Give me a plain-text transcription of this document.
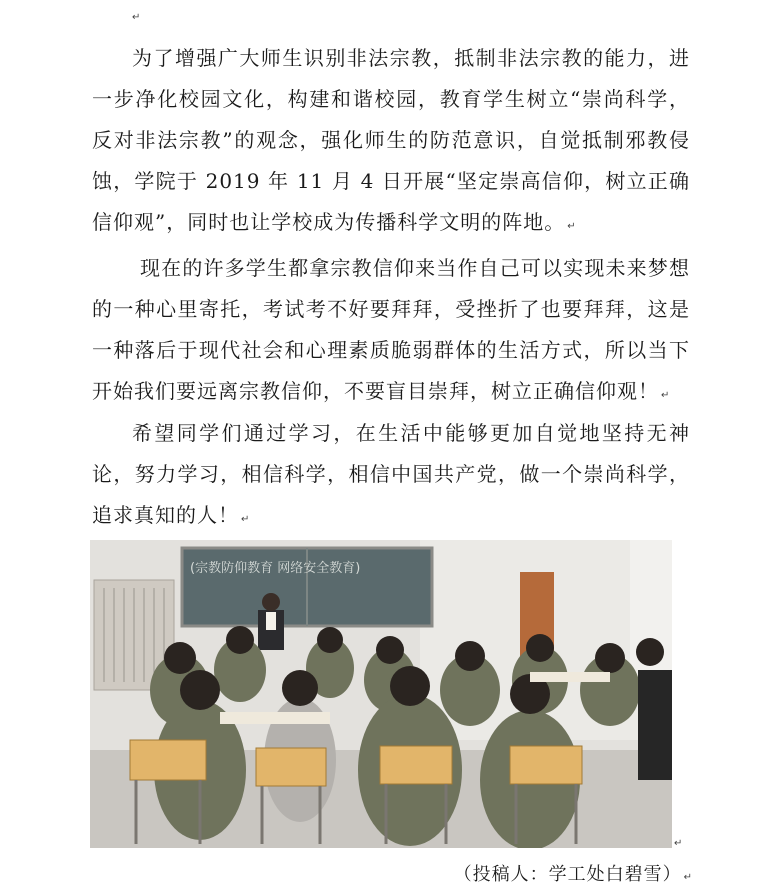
↵

为了增强广大师生识别非法宗教，抵制非法宗教的能力，进一步净化校园文化，构建和谐校园，教育学生树立“崇尚科学，反对非法宗教”的观念，强化师生的防范意识，自觉抵制邪教侵蚀，学院于 2019 年 11 月 4 日开展“坚定崇高信仰，树立正确信仰观”，同时也让学校成为传播科学文明的阵地。 ↵

现在的许多学生都拿宗教信仰来当作自己可以实现未来梦想的一种心里寄托，考试考不好要拜拜，受挫折了也要拜拜，这是一种落后于现代社会和心理素质脆弱群体的生活方式，所以当下开始我们要远离宗教信仰，不要盲目崇拜，树立正确信仰观！ ↵

希望同学们通过学习，在生活中能够更加自觉地坚持无神论，努力学习，相信科学，相信中国共产党，做一个崇尚科学，追求真知的人！ ↵

(宗教防仰教育 网络安全教育)
↵
（投稿人：学工处白碧雪） ↵
